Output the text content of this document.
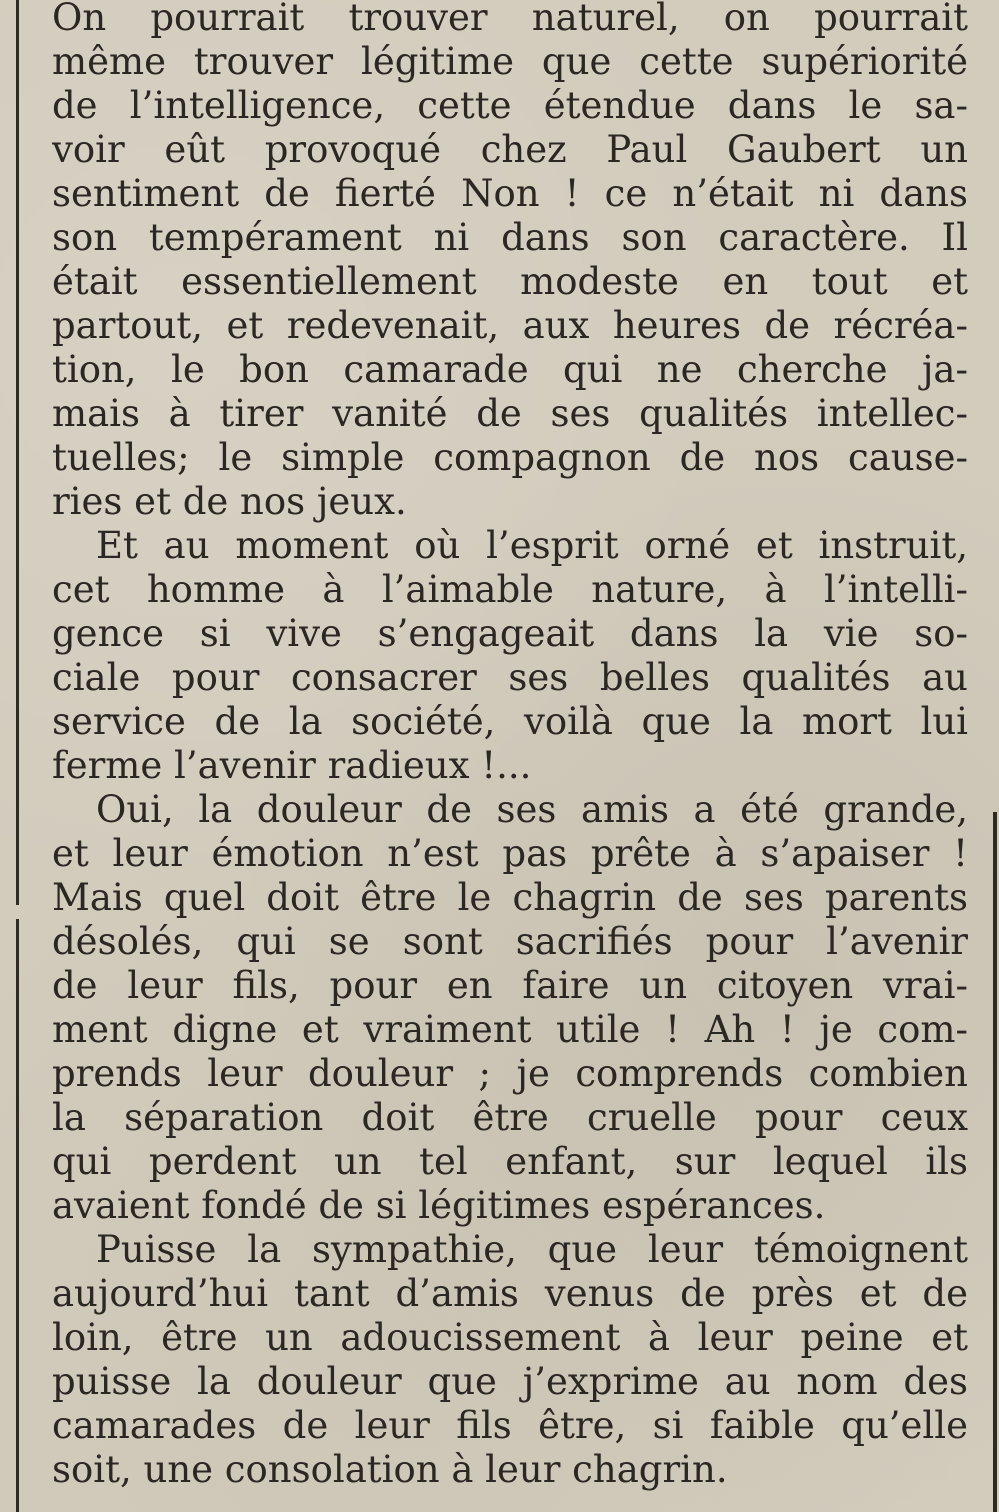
On pourrait trouver naturel, on pourrait
même trouver légitime que cette supériorité
de l’intelligence, cette étendue dans le sa-
voir eût provoqué chez Paul Gaubert un
sentiment de fierté Non ! ce n’était ni dans
son tempérament ni dans son caractère. Il
était essentiellement modeste en tout et
partout, et redevenait, aux heures de récréa-
tion, le bon camarade qui ne cherche ja-
mais à tirer vanité de ses qualités intellec-
tuelles; le simple compagnon de nos cause-
ries et de nos jeux.
Et au moment où l’esprit orné et instruit,
cet homme à l’aimable nature, à l’intelli-
gence si vive s’engageait dans la vie so-
ciale pour consacrer ses belles qualités au
service de la société, voilà que la mort lui
ferme l’avenir radieux !...
Oui, la douleur de ses amis a été grande,
et leur émotion n’est pas prête à s’apaiser !
Mais quel doit être le chagrin de ses parents
désolés, qui se sont sacrifiés pour l’avenir
de leur fils, pour en faire un citoyen vrai-
ment digne et vraiment utile ! Ah ! je com-
prends leur douleur ; je comprends combien
la séparation doit être cruelle pour ceux
qui perdent un tel enfant, sur lequel ils
avaient fondé de si légitimes espérances.
Puisse la sympathie, que leur témoignent
aujourd’hui tant d’amis venus de près et de
loin, être un adoucissement à leur peine et
puisse la douleur que j’exprime au nom des
camarades de leur fils être, si faible qu’elle
soit, une consolation à leur chagrin.
